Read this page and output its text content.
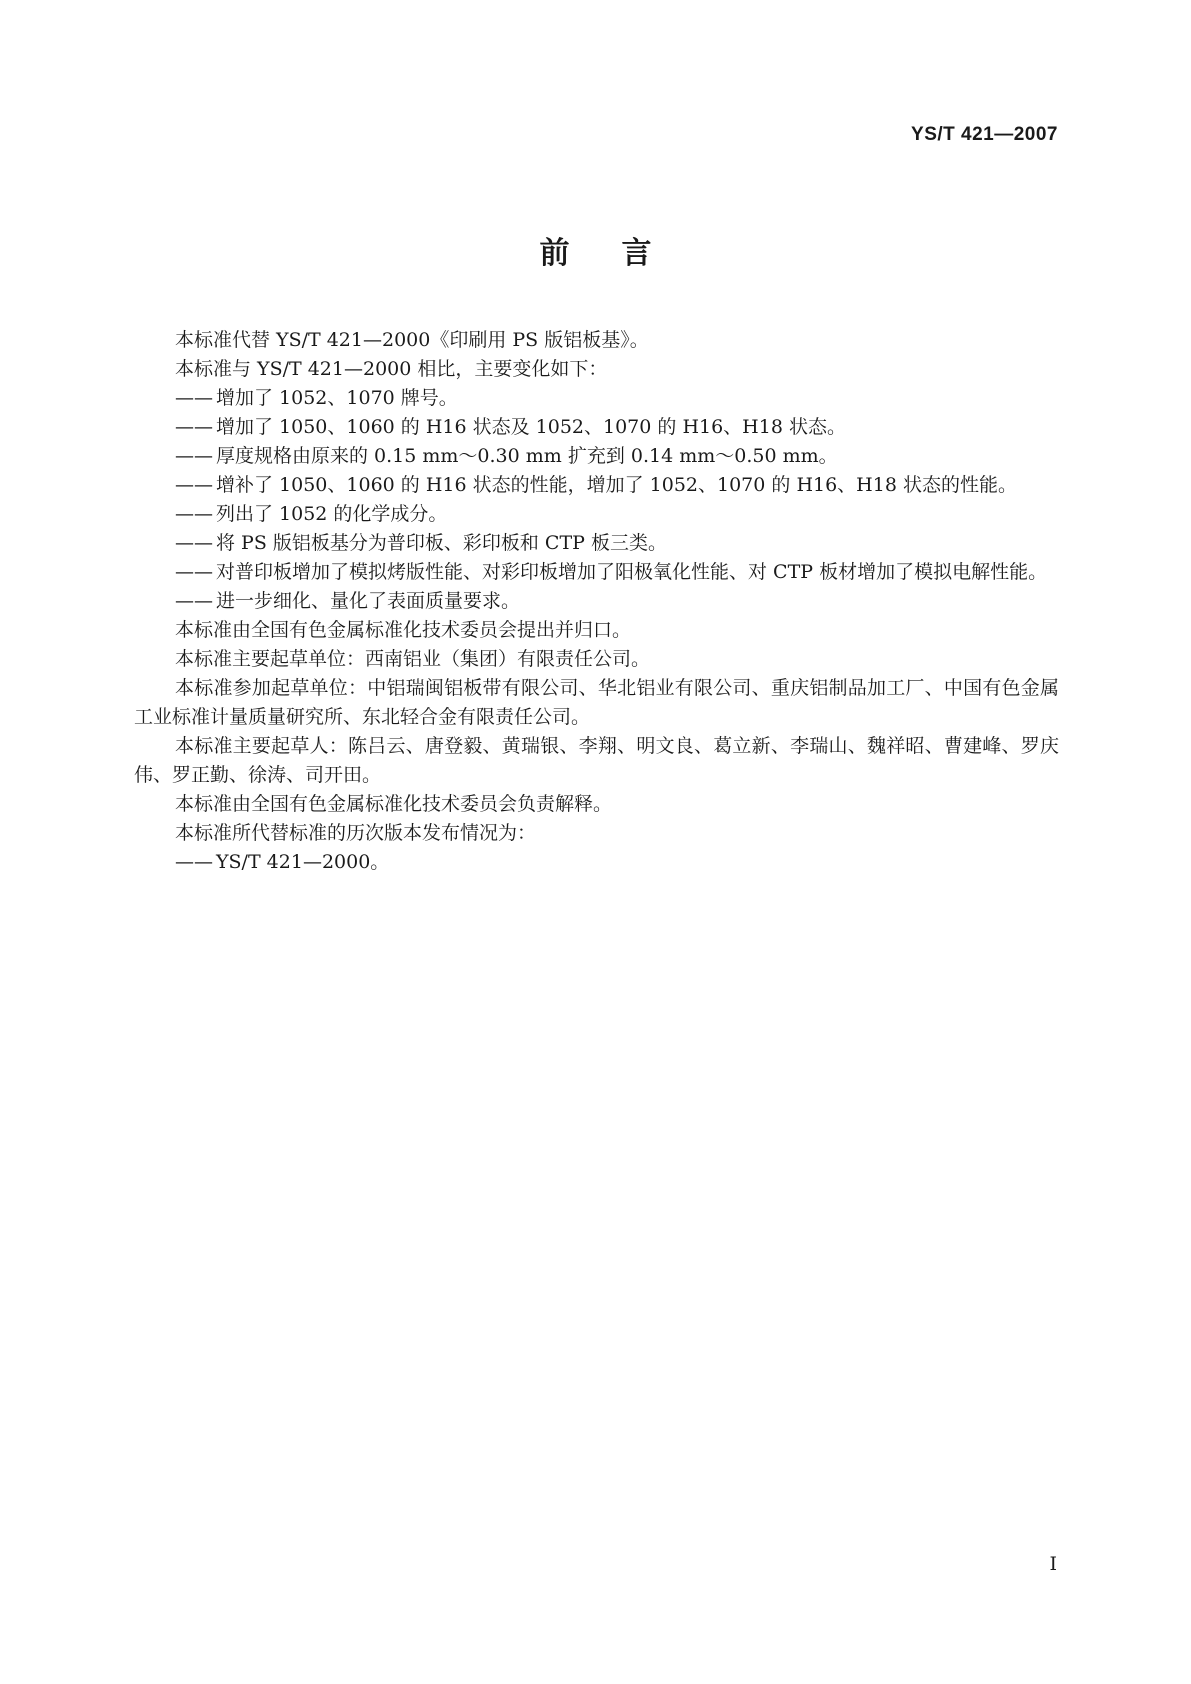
YS/T 421—2007
前言

本标准代替 YS/T 421—2000《印刷用 PS 版铝板基》。

本标准与 YS/T 421—2000 相比，主要变化如下：

—— 增加了 1052、1070 牌号。
—— 增加了 1050、1060 的 H16 状态及 1052、1070 的 H16、H18 状态。
—— 厚度规格由原来的 0.15 mm～0.30 mm 扩充到 0.14 mm～0.50 mm。
—— 增补了 1050、1060 的 H16 状态的性能，增加了 1052、1070 的 H16、H18 状态的性能。
—— 列出了 1052 的化学成分。
—— 将 PS 版铝板基分为普印板、彩印板和 CTP 板三类。
—— 对普印板增加了模拟烤版性能、对彩印板增加了阳极氧化性能、对 CTP 板材增加了模拟电解性能。
—— 进一步细化、量化了表面质量要求。

本标准由全国有色金属标准化技术委员会提出并归口。

本标准主要起草单位：西南铝业（集团）有限责任公司。

本标准参加起草单位：中铝瑞闽铝板带有限公司、华北铝业有限公司、重庆铝制品加工厂、中国有色金属工业标准计量质量研究所、东北轻合金有限责任公司。

本标准主要起草人：陈吕云、唐登毅、黄瑞银、李翔、明文良、葛立新、李瑞山、魏祥昭、曹建峰、罗庆伟、罗正勤、徐涛、司开田。

本标准由全国有色金属标准化技术委员会负责解释。

本标准所代替标准的历次版本发布情况为：

—— YS/T 421—2000。
I
